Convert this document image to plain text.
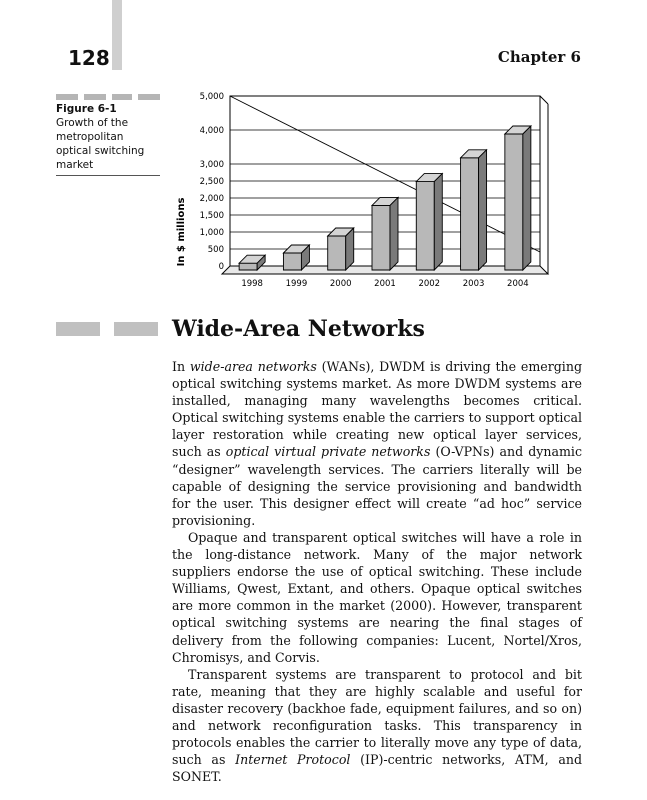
128	Chapter 6
Figure 6-1
Growth of the metropolitan optical switching market
In $ millions
0
500
1,000
1,500
2,000
2,500
3,000
4,000
5,000
1998	1999	2000	2001	2002	2003	2004
Wide-Area Networks

In wide-area networks (WANs), DWDM is driving the emerging optical switching systems market. As more DWDM systems are installed, managing many wavelengths becomes critical. Optical switching systems enable the carriers to support optical layer restoration while creating new optical layer services, such as optical virtual private networks (O-VPNs) and dynamic “designer” wavelength services. The carriers literally will be capable of designing the service provisioning and bandwidth for the user. This designer effect will create “ad hoc” service provisioning.

Opaque and transparent optical switches will have a role in the long-distance network. Many of the major network suppliers endorse the use of optical switching. These include Williams, Qwest, Extant, and others. Opaque optical switches are more common in the market (2000). However, transparent optical switching systems are nearing the final stages of delivery from the following companies: Lucent, Nortel/Xros, Chromisys, and Corvis.

Transparent systems are transparent to protocol and bit rate, meaning that they are highly scalable and useful for disaster recovery (backhoe fade, equipment failures, and so on) and network reconfiguration tasks. This transparency in protocols enables the carrier to literally move any type of data, such as Internet Protocol (IP)-centric networks, ATM, and SONET.
